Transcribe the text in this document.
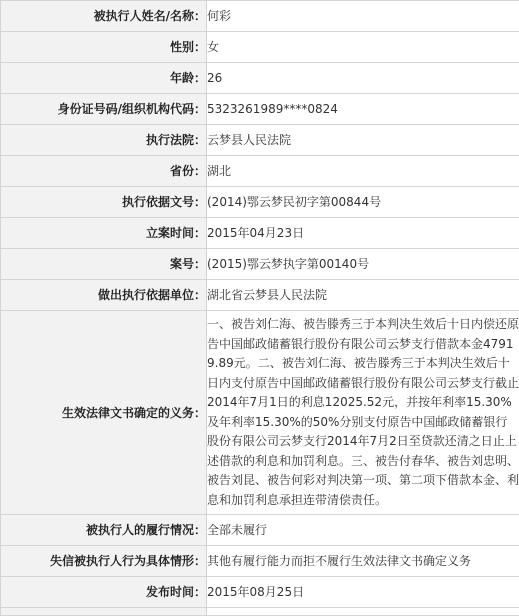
被执行人姓名/名称：	何彩
性别：	女
年龄：	26
身份证号码/组织机构代码：	5323261989****0824
执行法院：	云梦县人民法院
省份：	湖北
执行依据文号：	(2014)鄂云梦民初字第00844号
立案时间：	2015年04月23日
案号：	(2015)鄂云梦执字第00140号
做出执行依据单位：	湖北省云梦县人民法院
生效法律文书确定的义务：	一、被告刘仁海、被告滕秀三于本判决生效后十日内偿还原告中国邮政储蓄银行股份有限公司云梦支行借款本金47919.89元。二、被告刘仁海、被告滕秀三于本判决生效后十日内支付原告中国邮政储蓄银行股份有限公司云梦支行截止2014年7月1日的利息12025.52元，并按年利率15.30%及年利率15.30%的50%分别支付原告中国邮政储蓄银行股份有限公司云梦支行2014年7月2日至贷款还清之日止上述借款的利息和加罚利息。三、被告付春华、被告刘忠明、被告刘昆、被告何彩对判决第一项、第二项下借款本金、利息和加罚利息承担连带清偿责任。
被执行人的履行情况：	全部未履行
失信被执行人行为具体情形：	其他有履行能力而拒不履行生效法律文书确定义务
发布时间：	2015年08月25日
